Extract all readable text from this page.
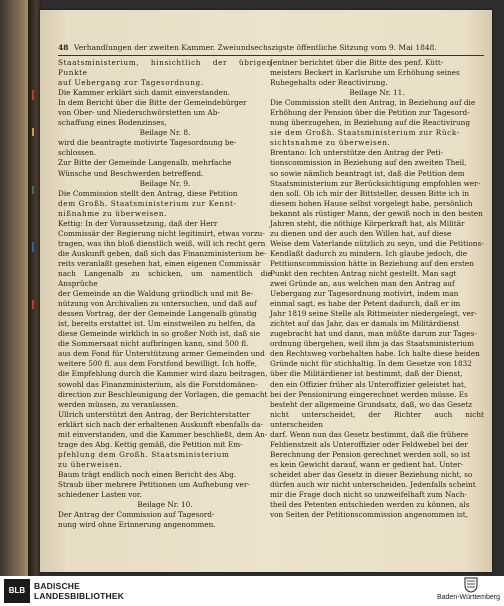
48 Verhandlungen der zweiten Kammer. Zweiundsechszigste öffentliche Sitzung vom 9. Mai 1848.

Staatsministerium, hinsichtlich der übrigen Punkte

auf Uebergang zur Tagesordnung.

Die Kammer erklärt sich damit einverstanden.

In dem Bericht über die Bitte der Gemeindebürger

von Ober- und Niederschwörstetten um Ab-

schaffung eines Bodenzinses,

Beilage Nr. 8.

wird die beantragte motivirte Tagesordnung be-

schlossen.

Zur Bitte der Gemeinde Langenalb, mehrfache

Wünsche und Beschwerden betreffend.

Beilage Nr. 9.

Die Commission stellt den Antrag, diese Petition

dem Großh. Staatsministerium zur Kennt-

nißnahme zu überweisen.

Kettig: In der Voraussetzung, daß der Herr

Commissär der Regierung nicht legitimirt, etwas vorzu-

tragen, was ihn bloß dienstlich weiß, will ich recht gern

die Auskunft geben, daß sich das Finanzministerium be-

reits veranlaßt gesehen hat, einen eigenen Commissär

nach Langenalb zu schicken, um namentlich die Ansprüche

der Gemeinde an die Waldung gründlich und mit Be-

nützung von Archivalien zu untersuchen, und daß auf

dessen Vortrag, der der Gemeinde Langenalb günstig

ist, bereits erstattet ist. Um einstweilen zu helfen, da

diese Gemeinde wirklich in so großer Noth ist, daß sie

die Sommersaat nicht aufbringen kann, sind 500 fl.

aus dem Fond für Unterstützung armer Gemeinden und

weitere 500 fl. aus dem Forstfond bewilligt. Ich hoffe,

die Empfehlung durch die Kammer wird dazu beitragen,

sowohl das Finanzministerium, als die Forstdomänen-

direction zur Beschleunigung der Vorlagen, die gemacht

werden müssen, zu veranlassen.

Ullrich unterstützt den Antrag, der Berichterstatter

erklärt sich nach der erhaltenen Auskunft ebenfalls da-

mit einverstanden, und die Kammer beschließt, dem An-

trage des Abg. Kettig gemäß, die Petition mit Em-

pfehlung dem Großh. Staatsministerium

zu überweisen.

Baum trägt endlich noch einen Bericht des Abg.

Straub über mehrere Petitionen um Aufhebung ver-

schiedener Lasten vor.

Beilage Nr. 10.

Der Antrag der Commission auf Tagesord-

nung wird ohne Erinnerung angenommen.

Jentner berichtet über die Bitte des penf. Kütt-

meisters Beckert in Karlsruhe um Erhöhung seines

Ruhegehalts oder Reactivirung.

Beilage Nr. 11.

Die Commission stellt den Antrag, in Beziehung auf die

Erhöhung der Pension über die Petition zur Tagesord-

nung überzugehen, in Beziehung auf die Reactivirung

sie dem Großh. Staatsministerium zur Rück-

sichtsnahme zu überweisen.

Brentano: Ich unterstütze den Antrag der Peti-

tionscommission in Beziehung auf den zweiten Theil,

so sowie nämlich beantragt ist, daß die Petition dem

Staatsministerium zur Berücksichtigung empfohlen wer-

den soll. Ob ich mir der Bittsteller, dessen Bitte ich in

diesem hohen Hause selbst vorgelegt habe, persönlich

bekannt als rüstiger Mann, der gewiß noch in den besten

Jahren steht, die nöthige Körperkraft hat, als Militär

zu dienen und der auch den Willen hat, auf diese

Weise dem Vaterlande nützlich zu seyn, und die Petitions-

Kendlaßt dadurch zu mindern. Ich glaube jedoch, die

Petitionscommission hätte in Beziehung auf den ersten

Punkt den rechten Antrag nicht gestellt. Man sagt

zwei Gründe an, aus welchen man den Antrag auf

Uebergang zur Tagesordnung motivirt, indem man

einmal sagt, es habe der Petent dadurch, daß er im

Jahr 1819 seine Stelle als Rittmeister niedergelegt, ver-

zichtet auf das Jahr, das er damals im Militärdienst

zugebracht hat und dann, man müßte darum zur Tages-

ordnung übergehen, weil ihm ja das Staatsministerium

den Rechtsweg vorbehalten habe. Ich halte diese beiden

Gründe nicht für stichhaltig. In dem Gesetze von 1832

über die Militärdiener ist bestimmt, daß der Dienst,

den ein Offizier früher als Unteroffizier geleistet hat,

bei der Pensionirung eingerechnet werden müsse. Es

besteht der allgemeine Grundsatz, daß, wo das Gesetz

nicht unterscheidet, der Richter auch nicht unterscheiden

darf. Wenn nun das Gesetz bestimmt, daß die frühere

Feldienstzeit als Unteroffizier oder Feldwebel bei der

Berechnung der Pension gerechnet werden soll, so ist

es kein Gewicht darauf, wann er gedient hat. Unter-

scheidet aber das Gesetz in dieser Beziehung nicht, so

dürfen auch wir nicht unterscheiden. Jedenfalls scheint

mir die Frage doch nicht so unzweifelhaft zum Nach-

theil des Petenten entschieden werden zu können, als

von Seiten der Petitionscommission angenommen ist,

BLB	BADISCHE
LANDESBIBLIOTHEK	Baden-Württemberg
